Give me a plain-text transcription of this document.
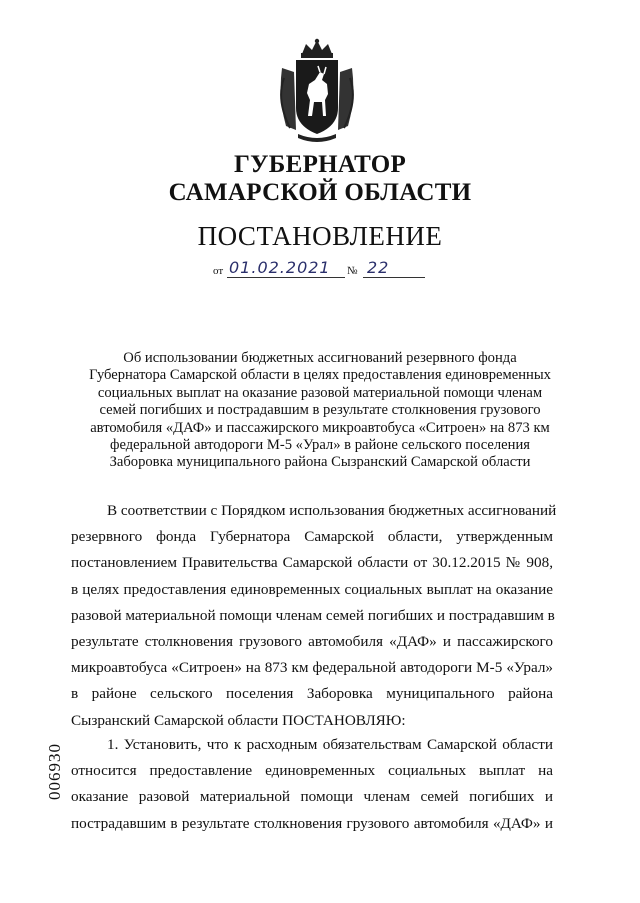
ГУБЕРНАТОР
САМАРСКОЙ ОБЛАСТИ
ПОСТАНОВЛЕНИЕ
от 01.02.2021 № 22
Об использовании бюджетных ассигнований резервного фонда
Губернатора Самарской области в целях предоставления единовременных
социальных выплат на оказание разовой материальной помощи членам
семей погибших и пострадавшим в результате столкновения грузового
автомобиля «ДАФ» и пассажирского микроавтобуса «Ситроен» на 873 км
федеральной автодороги М-5 «Урал» в районе сельского поселения
Заборовка муниципального района Сызранский Самарской области
В соответствии с Порядком использования бюджетных ассигнований
резервного фонда Губернатора Самарской области, утвержденным
постановлением Правительства Самарской области от 30.12.2015 № 908,
в целях предоставления единовременных социальных выплат на оказание
разовой материальной помощи членам семей погибших и пострадавшим в
результате столкновения грузового автомобиля «ДАФ» и пассажирского
микроавтобуса «Ситроен» на 873 км федеральной автодороги М-5 «Урал»
в районе сельского поселения Заборовка муниципального района
Сызранский Самарской области ПОСТАНОВЛЯЮ:
1. Установить, что к расходным обязательствам Самарской области
относится предоставление единовременных социальных выплат на
оказание разовой материальной помощи членам семей погибших и
пострадавшим в результате столкновения грузового автомобиля «ДАФ» и
006930
